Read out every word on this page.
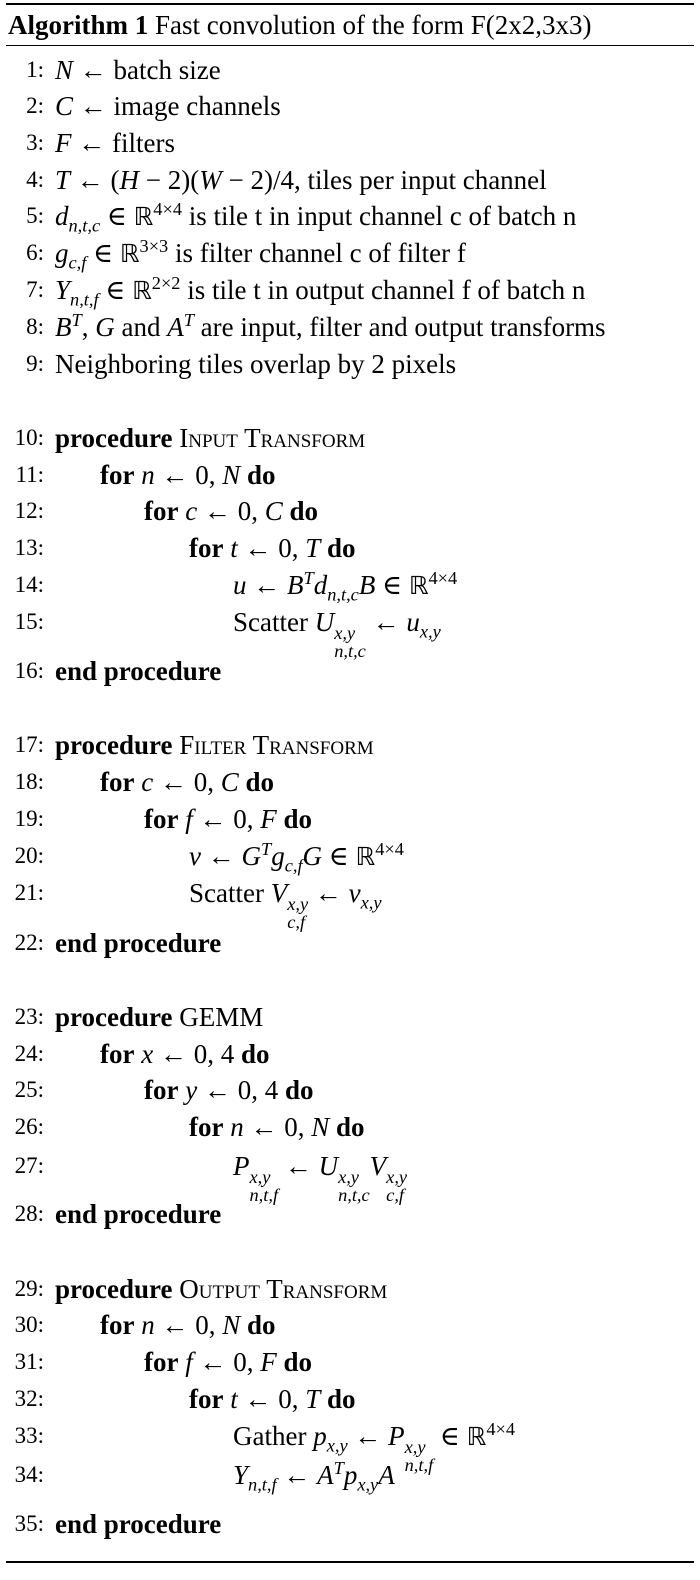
Algorithm 1 Fast convolution of the form F(2x2,3x3)
1: N ← batch size
2: C ← image channels
3: F ← filters
4: T ← (H − 2)(W − 2)/4, tiles per input channel
5: $d_{n,t,c}$ ∈ ℝ$^{4\times 4}$ is tile t in input channel c of batch n
6: $g_{c,f}$ ∈ ℝ$^{3\times 3}$ is filter channel c of filter f
7: $Y_{n,t,f}$ ∈ ℝ$^{2\times 2}$ is tile t in output channel f of batch n
8: $B^T$, G and $A^T$ are input, filter and output transforms
9: Neighboring tiles overlap by 2 pixels
10: procedure Input Transform
11: for n ← 0, N do
12:	for c ← 0, C do
13:	for t ← 0, T do
14:	u ← $B^Td_{n,t,c}B$ ∈ ℝ$^{4\times 4}$
15:	Scatter U x,y
n,t,c
← $u_{x,y}$
16: end procedure
17: procedure Filter Transform
18: for c ← 0, C do
19:	for f ← 0, F do
20:	v ← $G^Tg_{c,f}G$ ∈ ℝ$^{4\times 4}$
21:	Scatter V x,y
c,f
← $v_{x,y}$
22: end procedure
23: procedure GEMM
24: for x ← 0, 4 do
25:	for y ← 0, 4 do
26:	for n ← 0, N do
27:	P x,y
n,t,f
← U x,y
n,t,c
V x,y
c,f
28: end procedure
29: procedure Output Transform
30: for n ← 0, N do
31:	for f ← 0, F do
32:	for t ← 0, T do
33:	Gather $p_{x,y}$ ← P x,y
n,t,f
∈ ℝ$^{4\times 4}$
34:	$Y_{n,t,f}$ ← $A^Tp_{x,y}A$
35: end procedure
